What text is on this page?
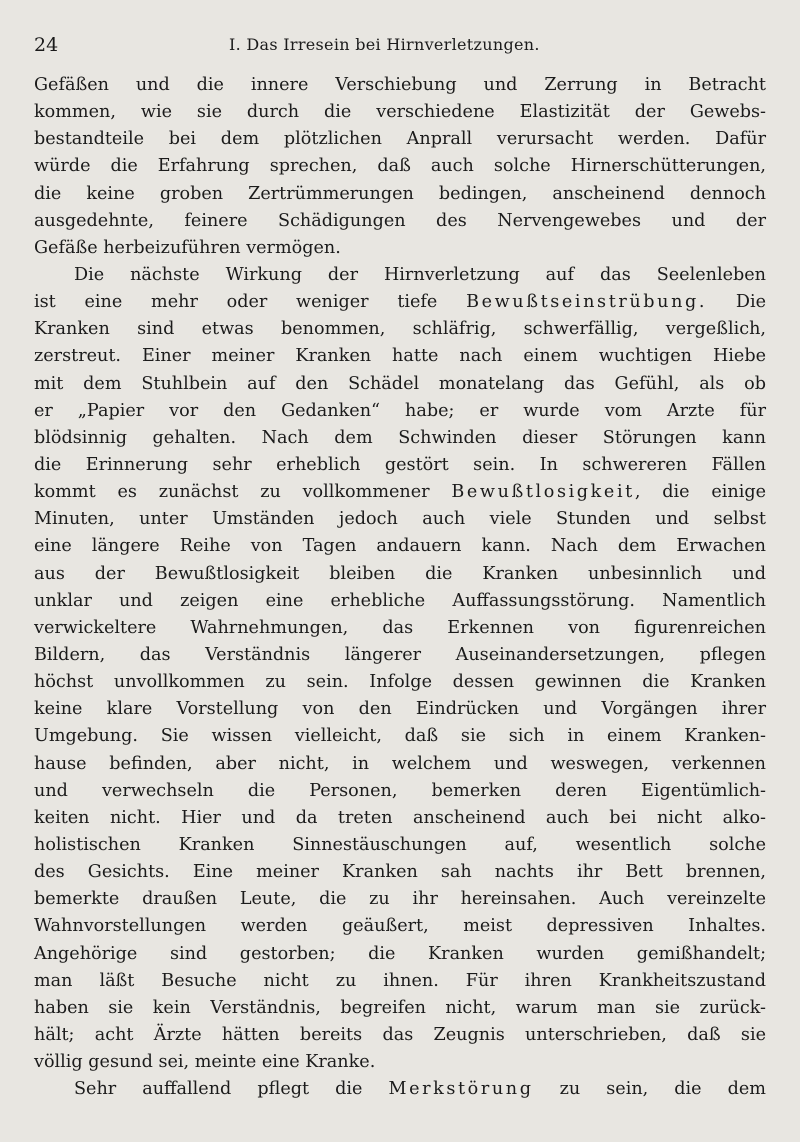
24	I. Das Irresein bei Hirnverletzungen.
Gefäßen und die innere Verschiebung und Zerrung in Betracht
kommen, wie sie durch die verschiedene Elastizität der Gewebs-
bestandteile bei dem plötzlichen Anprall verursacht werden. Dafür
würde die Erfahrung sprechen, daß auch solche Hirnerschütterungen,
die keine groben Zertrümmerungen bedingen, anscheinend dennoch
ausgedehnte, feinere Schädigungen des Nervengewebes und der
Gefäße herbeizuführen vermögen.
Die nächste Wirkung der Hirnverletzung auf das Seelenleben
ist eine mehr oder weniger tiefe Bewußtseinstrübung. Die
Kranken sind etwas benommen, schläfrig, schwerfällig, vergeßlich,
zerstreut. Einer meiner Kranken hatte nach einem wuchtigen Hiebe
mit dem Stuhlbein auf den Schädel monatelang das Gefühl, als ob
er „Papier vor den Gedanken“ habe; er wurde vom Arzte für
blödsinnig gehalten. Nach dem Schwinden dieser Störungen kann
die Erinnerung sehr erheblich gestört sein. In schwereren Fällen
kommt es zunächst zu vollkommener Bewußtlosigkeit, die einige
Minuten, unter Umständen jedoch auch viele Stunden und selbst
eine längere Reihe von Tagen andauern kann. Nach dem Erwachen
aus der Bewußtlosigkeit bleiben die Kranken unbesinnlich und
unklar und zeigen eine erhebliche Auffassungsstörung. Namentlich
verwickeltere Wahrnehmungen, das Erkennen von figurenreichen
Bildern, das Verständnis längerer Auseinandersetzungen, pflegen
höchst unvollkommen zu sein. Infolge dessen gewinnen die Kranken
keine klare Vorstellung von den Eindrücken und Vorgängen ihrer
Umgebung. Sie wissen vielleicht, daß sie sich in einem Kranken-
hause befinden, aber nicht, in welchem und weswegen, verkennen
und verwechseln die Personen, bemerken deren Eigentümlich-
keiten nicht. Hier und da treten anscheinend auch bei nicht alko-
holistischen Kranken Sinnestäuschungen auf, wesentlich solche
des Gesichts. Eine meiner Kranken sah nachts ihr Bett brennen,
bemerkte draußen Leute, die zu ihr hereinsahen. Auch vereinzelte
Wahnvorstellungen werden geäußert, meist depressiven Inhaltes.
Angehörige sind gestorben; die Kranken wurden gemißhandelt;
man läßt Besuche nicht zu ihnen. Für ihren Krankheitszustand
haben sie kein Verständnis, begreifen nicht, warum man sie zurück-
hält; acht Ärzte hätten bereits das Zeugnis unterschrieben, daß sie
völlig gesund sei, meinte eine Kranke.
Sehr auffallend pflegt die Merkstörung zu sein, die dem
